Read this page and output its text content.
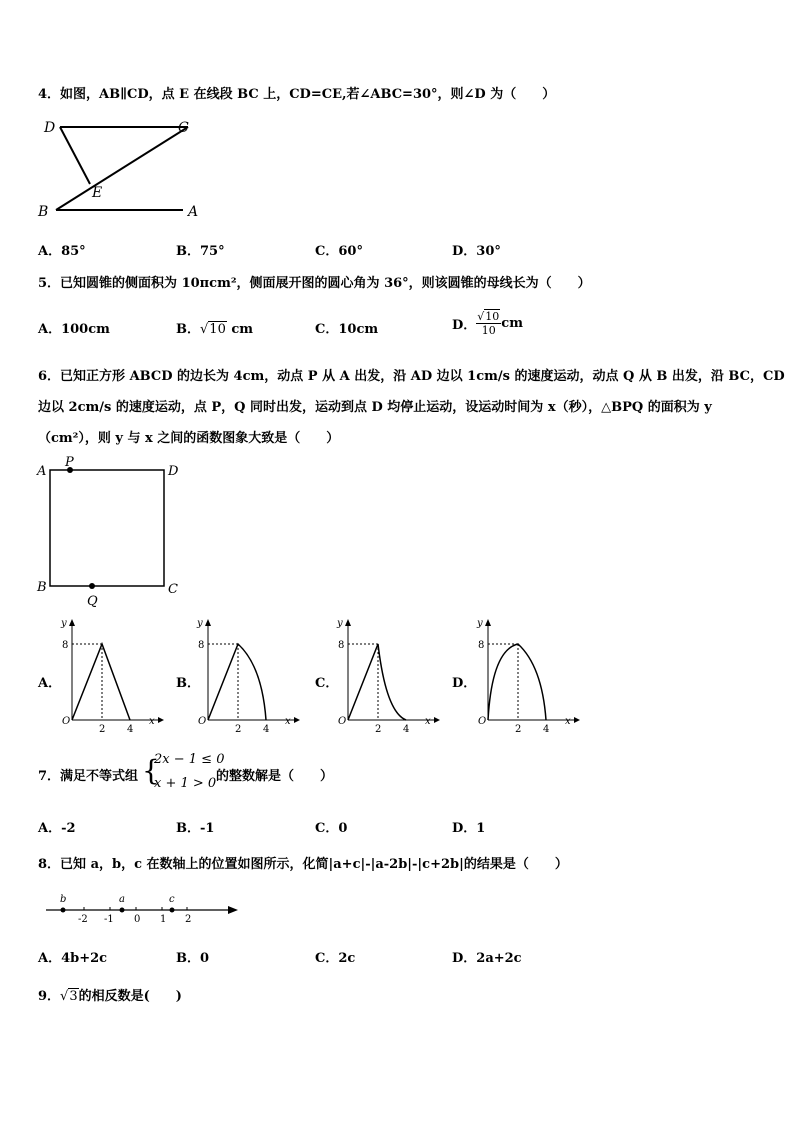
4．如图，AB∥CD，点 E 在线段 BC 上，CD=CE,若∠ABC=30°，则∠D 为（　　）
D	C
E
B	A
A．85°	B．75°	C．60°	D．30°
5．已知圆锥的侧面积为 10πcm²，侧面展开图的圆心角为 36°，则该圆锥的母线长为（　　）
A．100cm	B．√10 cm	C．10cm	D． $\frac{√10}{10}$ cm
6．已知正方形 ABCD 的边长为 4cm，动点 P 从 A 出发，沿 AD 边以 1cm/s 的速度运动，动点 Q 从 B 出发，沿 BC，CD
边以 2cm/s 的速度运动，点 P，Q 同时出发，运动到点 D 均停止运动，设运动时间为 x（秒），△BPQ 的面积为 y
（cm²），则 y 与 x 之间的函数图象大致是（　　）
A
P
D
B
Q
C
A．	B．	C．	D．
y
8
O
2 4
x
y
8
O
2 4
x
y
8
O
2 4
x
y
8
O
2 4
x
7．满足不等式组 {
2x − 1 ≤ 0
x + 1 > 0 的整数解是（　　）
A．-2	B．-1	C．0	D．1
8．已知 a，b，c 在数轴上的位置如图所示，化简|a+c|-|a-2b|-|c+2b|的结果是（　　）
b	a	c
-2 -1 0 1 2
A．4b+2c	B．0	C．2c	D．2a+2c
9．√3的相反数是(　　)
